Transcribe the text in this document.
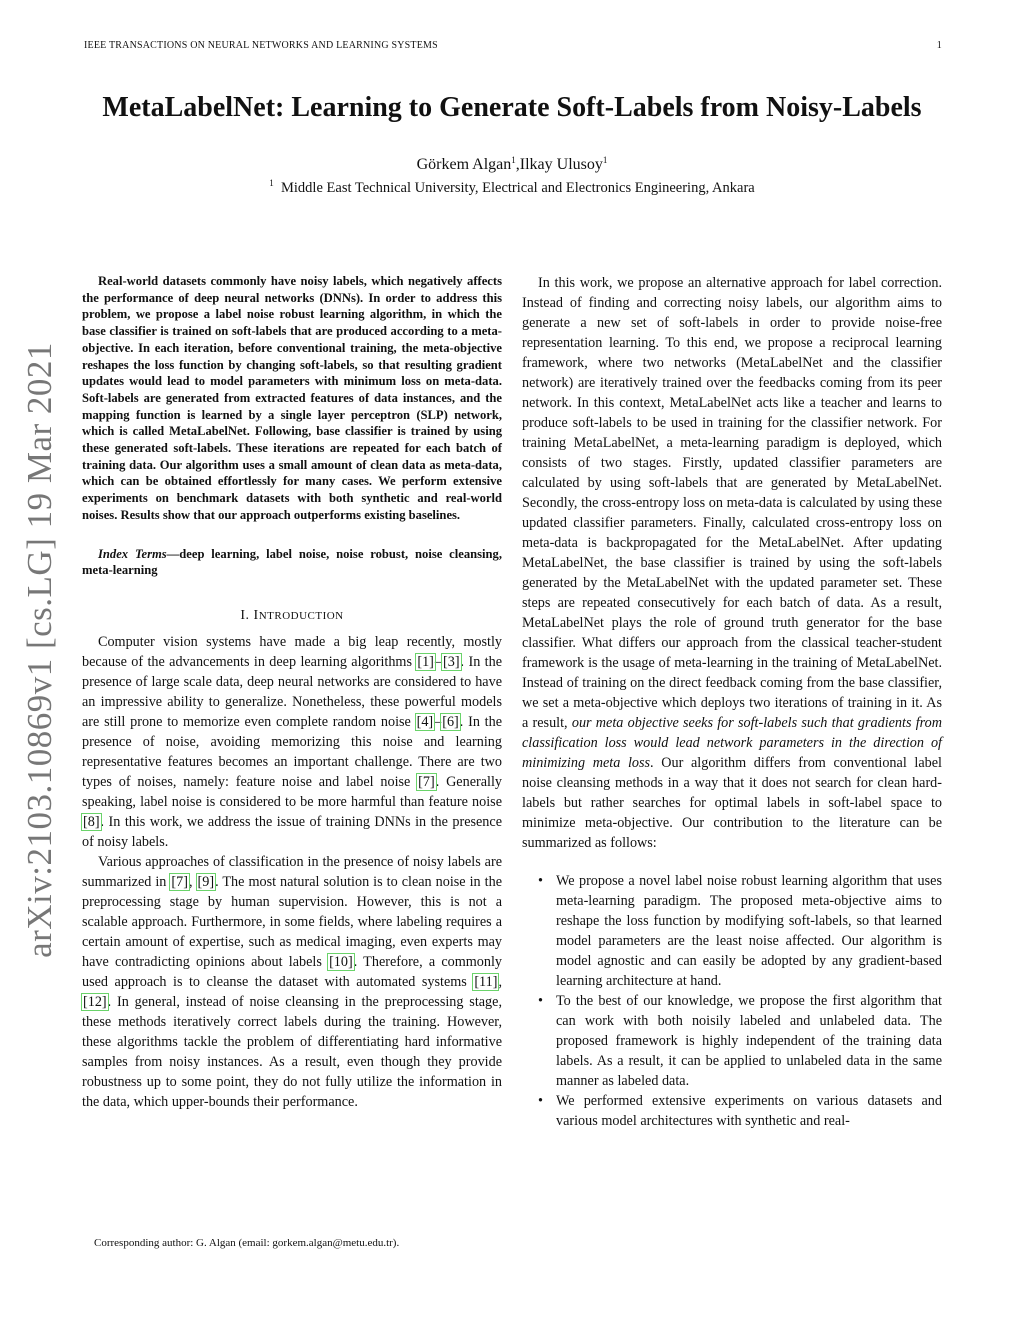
IEEE TRANSACTIONS ON NEURAL NETWORKS AND LEARNING SYSTEMS	1
arXiv:2103.10869v1 [cs.LG] 19 Mar 2021
MetaLabelNet: Learning to Generate Soft-Labels from Noisy-Labels
Görkem Algan$^1$,Ilkay Ulusoy$^1$
$^1$ Middle East Technical University, Electrical and Electronics Engineering, Ankara

Real-world datasets commonly have noisy labels, which negatively affects the performance of deep neural networks (DNNs). In order to address this problem, we propose a label noise robust learning algorithm, in which the base classifier is trained on soft-labels that are produced according to a meta-objective. In each iteration, before conventional training, the meta-objective reshapes the loss function by changing soft-labels, so that resulting gradient updates would lead to model parameters with minimum loss on meta-data. Soft-labels are generated from extracted features of data instances, and the mapping function is learned by a single layer perceptron (SLP) network, which is called MetaLabelNet. Following, base classifier is trained by using these generated soft-labels. These iterations are repeated for each batch of training data. Our algorithm uses a small amount of clean data as meta-data, which can be obtained effortlessly for many cases. We perform extensive experiments on benchmark datasets with both synthetic and real-world noises. Results show that our approach outperforms existing baselines.

Index Terms—deep learning, label noise, noise robust, noise cleansing, meta-learning

I. INTRODUCTION

Computer vision systems have made a big leap recently, mostly because of the advancements in deep learning algorithms [1]–[3]. In the presence of large scale data, deep neural networks are considered to have an impressive ability to generalize. Nonetheless, these powerful models are still prone to memorize even complete random noise [4]–[6]. In the presence of noise, avoiding memorizing this noise and learning representative features becomes an important challenge. There are two types of noises, namely: feature noise and label noise [7]. Generally speaking, label noise is considered to be more harmful than feature noise [8]. In this work, we address the issue of training DNNs in the presence of noisy labels.

Various approaches of classification in the presence of noisy labels are summarized in [7], [9]. The most natural solution is to clean noise in the preprocessing stage by human supervision. However, this is not a scalable approach. Furthermore, in some fields, where labeling requires a certain amount of expertise, such as medical imaging, even experts may have contradicting opinions about labels [10]. Therefore, a commonly used approach is to cleanse the dataset with automated systems [11], [12]. In general, instead of noise cleansing in the preprocessing stage, these methods iteratively correct labels during the training. However, these algorithms tackle the problem of differentiating hard informative samples from noisy instances. As a result, even though they provide robustness up to some point, they do not fully utilize the information in the data, which upper-bounds their performance.

Corresponding author: G. Algan (email: gorkem.algan@metu.edu.tr).

In this work, we propose an alternative approach for label correction. Instead of finding and correcting noisy labels, our algorithm aims to generate a new set of soft-labels in order to provide noise-free representation learning. To this end, we propose a reciprocal learning framework, where two networks (MetaLabelNet and the classifier network) are iteratively trained over the feedbacks coming from its peer network. In this context, MetaLabelNet acts like a teacher and learns to produce soft-labels to be used in training for the classifier network. For training MetaLabelNet, a meta-learning paradigm is deployed, which consists of two stages. Firstly, updated classifier parameters are calculated by using soft-labels that are generated by MetaLabelNet. Secondly, the cross-entropy loss on meta-data is calculated by using these updated classifier parameters. Finally, calculated cross-entropy loss on meta-data is backpropagated for the MetaLabelNet. After updating MetaLabelNet, the base classifier is trained by using the soft-labels generated by the MetaLabelNet with the updated parameter set. These steps are repeated consecutively for each batch of data. As a result, MetaLabelNet plays the role of ground truth generator for the base classifier. What differs our approach from the classical teacher-student framework is the usage of meta-learning in the training of MetaLabelNet. Instead of training on the direct feedback coming from the base classifier, we set a meta-objective which deploys two iterations of training in it. As a result, our meta objective seeks for soft-labels such that gradients from classification loss would lead network parameters in the direction of minimizing meta loss. Our algorithm differs from conventional label noise cleansing methods in a way that it does not search for clean hard-labels but rather searches for optimal labels in soft-label space to minimize meta-objective. Our contribution to the literature can be summarized as follows:

• We propose a novel label noise robust learning algorithm that uses meta-learning paradigm. The proposed meta-objective aims to reshape the loss function by modifying soft-labels, so that learned model parameters are the least noise affected. Our algorithm is model agnostic and can easily be adopted by any gradient-based learning architecture at hand.
• To the best of our knowledge, we propose the first algorithm that can work with both noisily labeled and unlabeled data. The proposed framework is highly independent of the training data labels. As a result, it can be applied to unlabeled data in the same manner as labeled data.
• We performed extensive experiments on various datasets and various model architectures with synthetic and real-
